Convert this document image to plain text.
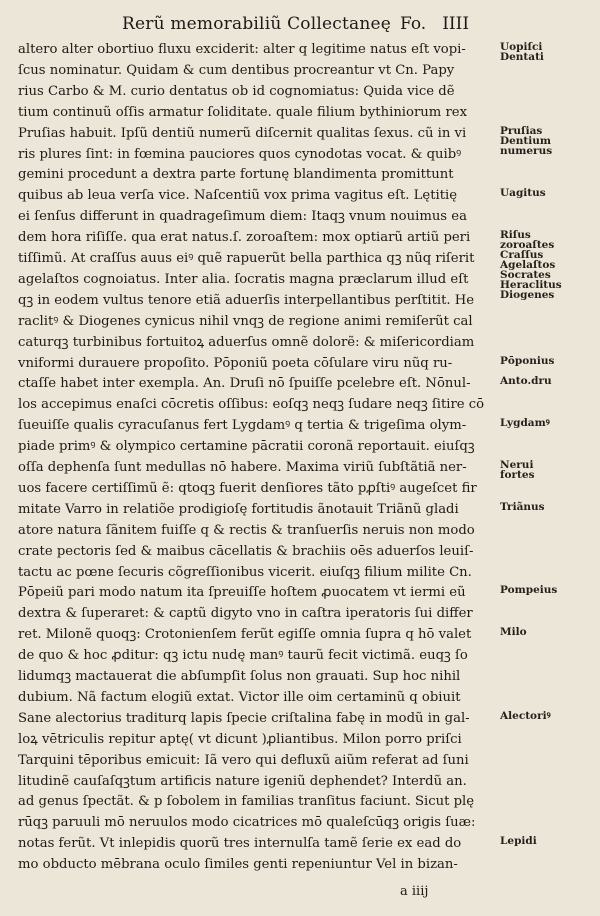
Rerũ memorabiliũ Collectaneę Fo. IIII
altero alter obortiuo fluxu exciderit: alter q legitime natus eſt vopi-
ſcus nominatur. Quidam & cum dentibus procreantur vt Cn. Papy
rius Carbo & M. curio dentatus ob id cognomiatus: Quida vice dẽ
tium continuũ oſſis armatur ſoliditate. quale filium bythiniorum rex
Pruſias habuit. Ipſũ dentiũ numerũ diſcernit qualitas ſexus. cũ in vi
ris plures ſint: in fœmina pauciores quos cynodotas vocat. & quibꝰ
gemini procedunt a dextra parte fortunę blandimenta promittunt
quibus ab leua verſa vice. Naſcentiũ vox prima vagitus eſt. Lętitię
ei ſenſus differunt in quadrageſimum diem: Itaqꝫ vnum nouimus ea
dem hora riſiſſe. qua erat natus.ſ. zoroaſtem: mox optiarũ artiũ peri
tiſſimũ. At craſſus auus eiꝰ quẽ rapuerũt bella parthica qꝫ nũq riſerit
agelaſtos cognoiatus. Inter alia. ſocratis magna præclarum illud eſt
qꝫ in eodem vultus tenore etiã aduerſis interpellantibus perſtitit. He
raclitꝰ & Diogenes cynicus nihil vnqꝫ de regione animi remiſerũt cal
caturqꝫ turbinibus fortuitoꝝ aduerſus omnẽ dolorẽ: & miſericordiam
vniformi durauere propoſito. Pōponiũ poeta cōſulare viru nũq ru-
ctaſſe habet inter exempla. An. Druſi nō ſpuiſſe pcelebre eſt. Nōnul-
los accepimus enaſci cōcretis oſſibus: eoſqꝫ neqꝫ ſudare neqꝫ ſitire cō
ſueuiſſe qualis cyracuſanus fert Lygdamꝰ q tertia & trigeſima olym-
piade primꝰ & olympico certamine pācratii coronã reportauit. eiuſqꝫ
oſſa dephenſa ſunt medullas nō habere. Maxima viriũ ſubſtãtiã ner-
uos facere certiſſimũ ẽ: qtoqꝫ fuerit denſiores tãto pꝓſtiꝰ augeſcet fir
mitate Varro in relatiõe prodigioſę fortitudis ãnotauit Triãnũ gladi
atore natura ſãnitem fuiſſe q & rectis & tranſuerſis neruis non modo
crate pectoris ſed & maibus cācellatis & brachiis oēs aduerſos leuiſ-
tactu ac pœne ſecuris cõgreſſionibus vicerit. eiuſqꝫ filium milite Cn.
Pōpeiũ pari modo natum ita ſpreuiſſe hoſtem ꝓuocatem vt iermi eũ
dextra & ſuperaret: & captũ digyto vno in caſtra iperatoris ſui differ
ret. Milonẽ quoqꝫ: Crotonienſem ferũt egiſſe omnia ſupra q hō valet
de quo & hoc ꝓditur: qꝫ ictu nudę manꝰ taurũ fecit victimã. euqꝫ ſo
lidumqꝫ mactauerat die abſumpſit ſolus non grauati. Sup hoc nihil
dubium. Nã factum elogiũ extat. Victor ille oim certaminũ q obiuit
Sane alectorius traditurq lapis ſpecie criſtalina fabę in modũ in gal-
loꝝ vētriculis repitur aptę( vt dicunt )ꝓliantibus. Milon porro priſci
Tarquini tēporibus emicuit: Iã vero qui defluxũ aiũm referat ad ſuni
litudinẽ cauſaſqꝫtum artificis nature igeniũ dephendet? Interdũ an.
ad genus ſpectãt. & p ſobolem in familias tranſitus faciunt. Sicut plę
rūqꝫ paruuli mō neruulos modo cicatrices mō qualeſcūqꝫ origis ſuæ:
notas ferũt. Vt inlepidis quorũ tres internulſa tamẽ ſerie ex ead do
mo obducto mēbrana oculo ſimiles genti repeniuntur Vel in bizan-
Uopiſci
Dentati
Pruſias
Dentium
numerus
Uagitus
Riſus
zoroaſtes
Craſſus
Agelaſtos
Socrates
Heraclitus
Diogenes
Pōponius
Anto.dru
Lygdamꝰ
Nerui
fortes
Triãnus
Pompeius
Milo
Alectoriꝰ
Lepidi
a iiij
